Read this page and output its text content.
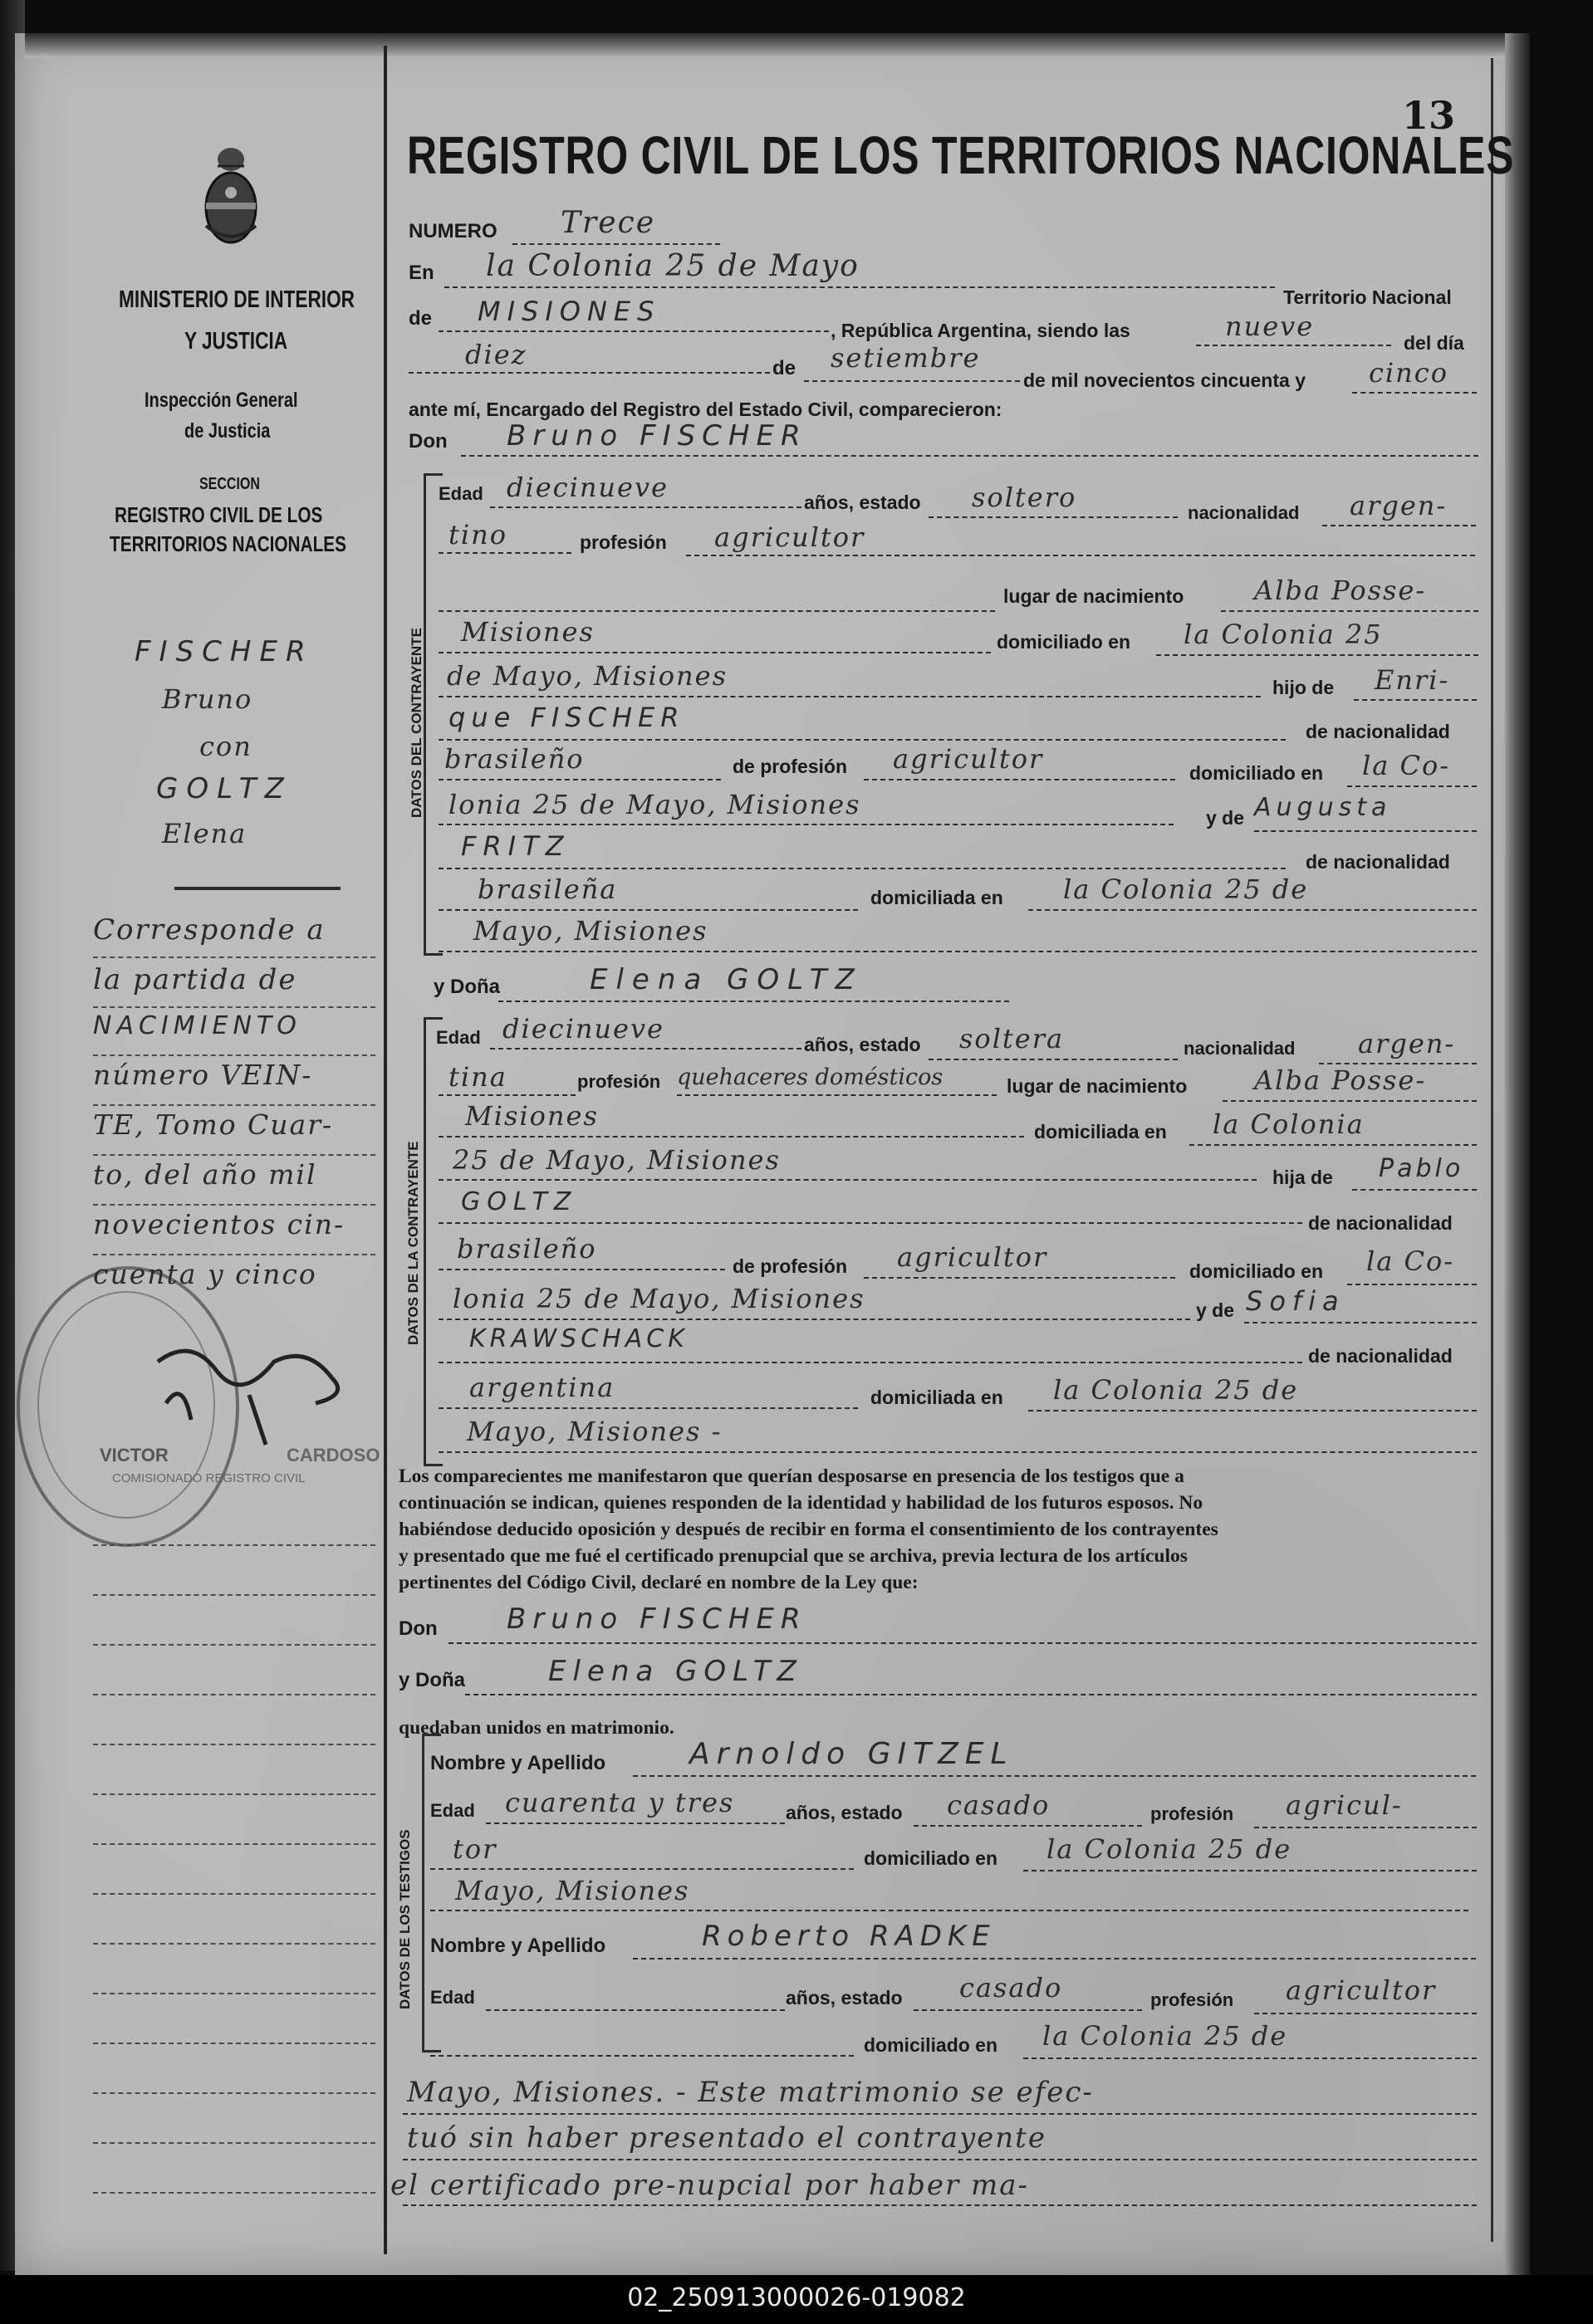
13
REGISTRO CIVIL DE LOS TERRITORIOS NACIONALES
MINISTERIO DE INTERIOR
Y JUSTICIA
Inspección General
de Justicia
SECCION
REGISTRO CIVIL DE LOS
TERRITORIOS NACIONALES
FISCHER
Bruno
con
GOLTZ
Elena
Corresponde a
la partida de
NACIMIENTO
número VEIN-
TE, Tomo Cuar-
to, del año mil
novecientos cin-
cuenta y cinco
VICTOR	CARDOSO
COMISIONADO REGISTRO CIVIL
NUMERO Trece
En la Colonia 25 de Mayo
Territorio Nacional
de MISIONES
, República Argentina, siendo las	nueve
del día
diez	de setiembre
de mil novecientos cincuenta y cinco
ante mí, Encargado del Registro del Estado Civil, comparecieron:
Don Bruno FISCHER
DATOS DEL CONTRAYENTE
Edad diecinueve	años, estado soltero	nacionalidad argen-
tino	profesión agricultor
lugar de nacimiento	Alba Posse-
Misiones	domiciliado en la Colonia 25
de Mayo, Misiones	hijo de Enri-
que FISCHER	de nacionalidad
brasileño	de profesión agricultor	domiciliado en la Co-
lonia 25 de Mayo, Misiones	y de Augusta
FRITZ	de nacionalidad
brasileña	domiciliada en la Colonia 25 de
Mayo, Misiones
y Doña	Elena GOLTZ
DATOS DE LA CONTRAYENTE
Edad diecinueve	años, estado soltera	nacionalidad argen-
tina	profesión quehaceres domésticos	lugar de nacimiento	Alba Posse-
Misiones	domiciliada en la Colonia
25 de Mayo, Misiones
hija de Pablo
GOLTZ
de nacionalidad
brasileño
de profesión agricultor	domiciliado en la Co-
lonia 25 de Mayo, Misiones	y de Sofia
KRAWSCHACK
de nacionalidad
argentina	domiciliada en la Colonia 25 de
Mayo, Misiones -
Los comparecientes me manifestaron que querían desposarse en presencia de los testigos que a
continuación se indican, quienes responden de la identidad y habilidad de los futuros esposos. No
habiéndose deducido oposición y después de recibir en forma el consentimiento de los contrayentes
y presentado que me fué el certificado prenupcial que se archiva, previa lectura de los artículos
pertinentes del Código Civil, declaré en nombre de la Ley que:
Don Bruno FISCHER
y Doña	Elena GOLTZ
quedaban unidos en matrimonio.
DATOS DE LOS TESTIGOS
Nombre y Apellido	Arnoldo GITZEL
Edad cuarenta y tres	años, estado casado	profesión agricul-
tor	domiciliado en la Colonia 25 de
Mayo, Misiones
Nombre y Apellido	Roberto RADKE
Edad	años, estado casado	profesión agricultor
domiciliado en la Colonia 25 de
Mayo, Misiones. - Este matrimonio se efec-
tuó sin haber presentado el contrayente
el certificado pre-nupcial por haber ma-
02_250913000026-019082
